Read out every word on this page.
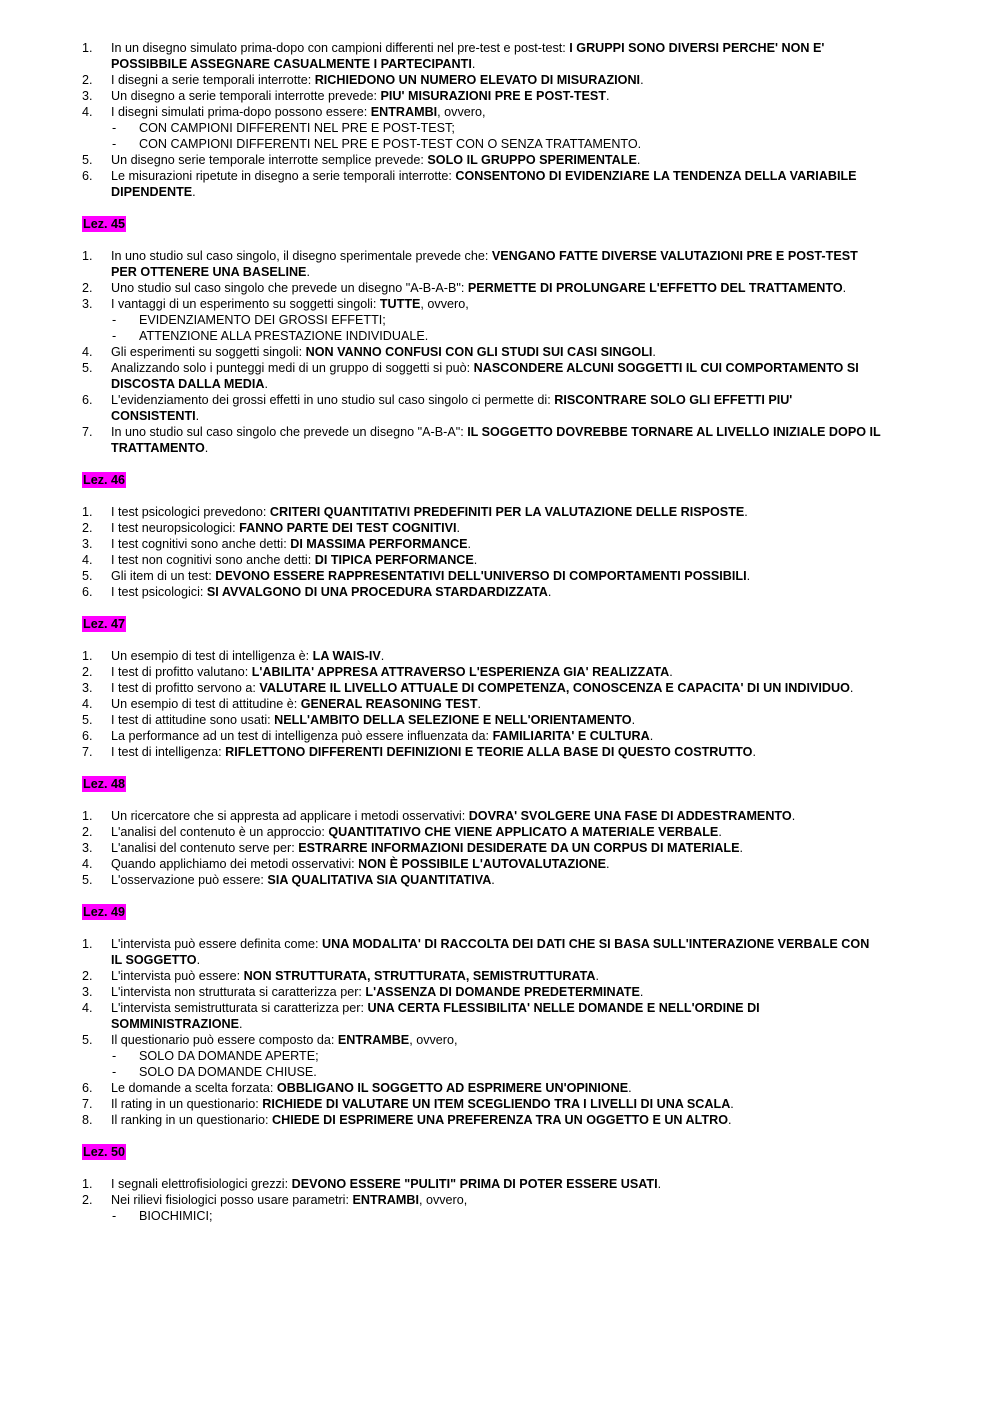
1.	In un disegno simulato prima-dopo con campioni differenti nel pre-test e post-test: I GRUPPI SONO DIVERSI PERCHE' NON E' POSSIBBILE ASSEGNARE CASUALMENTE I PARTECIPANTI.
2.	I disegni a serie temporali interrotte: RICHIEDONO UN NUMERO ELEVATO DI MISURAZIONI.
3.	Un disegno a serie temporali interrotte prevede: PIU' MISURAZIONI PRE E POST-TEST.
4.	I disegni simulati prima-dopo possono essere: ENTRAMBI, ovvero,
-	CON CAMPIONI DIFFERENTI NEL PRE E POST-TEST;
-	CON CAMPIONI DIFFERENTI NEL PRE E POST-TEST CON O SENZA TRATTAMENTO.
5.	Un disegno serie temporale interrotte semplice prevede: SOLO IL GRUPPO SPERIMENTALE.
6.	Le misurazioni ripetute in disegno a serie temporali interrotte: CONSENTONO DI EVIDENZIARE LA TENDENZA DELLA VARIABILE DIPENDENTE.
Lez. 45
1.	In uno studio sul caso singolo, il disegno sperimentale prevede che: VENGANO FATTE DIVERSE VALUTAZIONI PRE E POST-TEST PER OTTENERE UNA BASELINE.
2.	Uno studio sul caso singolo che prevede un disegno "A-B-A-B": PERMETTE DI PROLUNGARE L'EFFETTO DEL TRATTAMENTO.
3.	I vantaggi di un esperimento su soggetti singoli: TUTTE, ovvero,
-	EVIDENZIAMENTO DEI GROSSI EFFETTI;
-	ATTENZIONE ALLA PRESTAZIONE INDIVIDUALE.
4.	Gli esperimenti su soggetti singoli: NON VANNO CONFUSI CON GLI STUDI SUI CASI SINGOLI.
5.	Analizzando solo i punteggi medi di un gruppo di soggetti si può: NASCONDERE ALCUNI SOGGETTI IL CUI COMPORTAMENTO SI DISCOSTA DALLA MEDIA.
6.	L'evidenziamento dei grossi effetti in uno studio sul caso singolo ci permette di: RISCONTRARE SOLO GLI EFFETTI PIU' CONSISTENTI.
7.	In uno studio sul caso singolo che prevede un disegno "A-B-A": IL SOGGETTO DOVREBBE TORNARE AL LIVELLO INIZIALE DOPO IL TRATTAMENTO.
Lez. 46
1.	I test psicologici prevedono: CRITERI QUANTITATIVI PREDEFINITI PER LA VALUTAZIONE DELLE RISPOSTE.
2.	I test neuropsicologici: FANNO PARTE DEI TEST COGNITIVI.
3.	I test cognitivi sono anche detti: DI MASSIMA PERFORMANCE.
4.	I test non cognitivi sono anche detti: DI TIPICA PERFORMANCE.
5.	Gli item di un test: DEVONO ESSERE RAPPRESENTATIVI DELL'UNIVERSO DI COMPORTAMENTI POSSIBILI.
6.	I test psicologici: SI AVVALGONO DI UNA PROCEDURA STARDARDIZZATA.
Lez. 47
1.	Un esempio di test di intelligenza è: LA WAIS-IV.
2.	I test di profitto valutano: L'ABILITA' APPRESA ATTRAVERSO L'ESPERIENZA GIA' REALIZZATA.
3.	I test di profitto servono a: VALUTARE IL LIVELLO ATTUALE DI COMPETENZA, CONOSCENZA E CAPACITA' DI UN INDIVIDUO.
4.	Un esempio di test di attitudine è: GENERAL REASONING TEST.
5.	I test di attitudine sono usati: NELL'AMBITO DELLA SELEZIONE E NELL'ORIENTAMENTO.
6.	La performance ad un test di intelligenza può essere influenzata da: FAMILIARITA' E CULTURA.
7.	I test di intelligenza: RIFLETTONO DIFFERENTI DEFINIZIONI E TEORIE ALLA BASE DI QUESTO COSTRUTTO.
Lez. 48
1.	Un ricercatore che si appresta ad applicare i metodi osservativi: DOVRA' SVOLGERE UNA FASE DI ADDESTRAMENTO.
2.	L'analisi del contenuto è un approccio: QUANTITATIVO CHE VIENE APPLICATO A MATERIALE VERBALE.
3.	L'analisi del contenuto serve per: ESTRARRE INFORMAZIONI DESIDERATE DA UN CORPUS DI MATERIALE.
4.	Quando applichiamo dei metodi osservativi: NON È POSSIBILE L'AUTOVALUTAZIONE.
5.	L'osservazione può essere: SIA QUALITATIVA SIA QUANTITATIVA.
Lez. 49
1.	L'intervista può essere definita come: UNA MODALITA' DI RACCOLTA DEI DATI CHE SI BASA SULL'INTERAZIONE VERBALE CON IL SOGGETTO.
2.	L'intervista può essere: NON STRUTTURATA, STRUTTURATA, SEMISTRUTTURATA.
3.	L'intervista non strutturata si caratterizza per: L'ASSENZA DI DOMANDE PREDETERMINATE.
4.	L'intervista semistrutturata si caratterizza per: UNA CERTA FLESSIBILITA' NELLE DOMANDE E NELL'ORDINE DI SOMMINISTRAZIONE.
5.	Il questionario può essere composto da: ENTRAMBE, ovvero,
-	SOLO DA DOMANDE APERTE;
-	SOLO DA DOMANDE CHIUSE.
6.	Le domande a scelta forzata: OBBLIGANO IL SOGGETTO AD ESPRIMERE UN'OPINIONE.
7.	Il rating in un questionario: RICHIEDE DI VALUTARE UN ITEM SCEGLIENDO TRA I LIVELLI DI UNA SCALA.
8.	Il ranking in un questionario: CHIEDE DI ESPRIMERE UNA PREFERENZA TRA UN OGGETTO E UN ALTRO.
Lez. 50
1.	I segnali elettrofisiologici grezzi: DEVONO ESSERE "PULITI" PRIMA DI POTER ESSERE USATI.
2.	Nei rilievi fisiologici posso usare parametri: ENTRAMBI, ovvero,
-	BIOCHIMICI;
